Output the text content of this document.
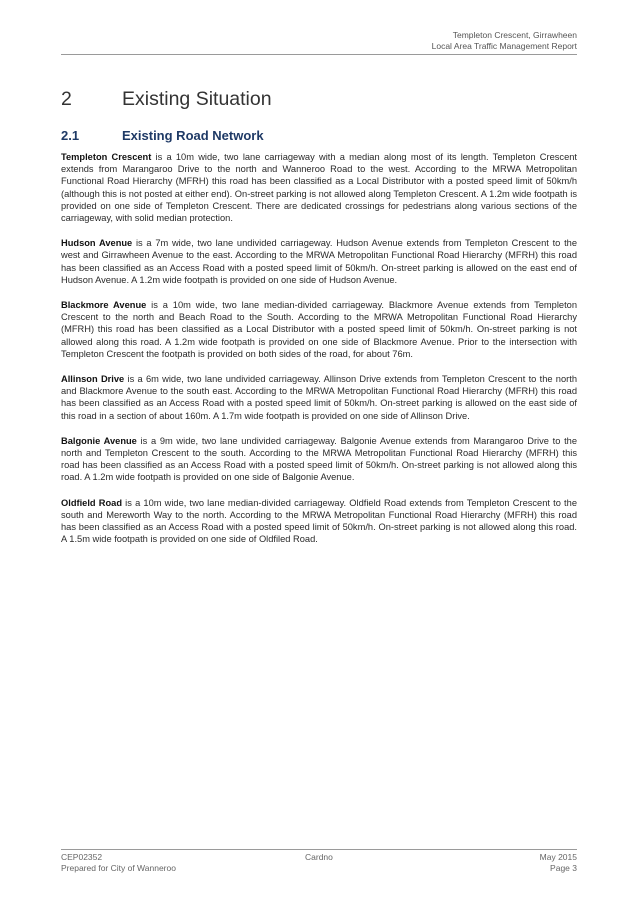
Templeton Crescent, Girrawheen
Local Area Traffic Management Report
2	Existing Situation
2.1	Existing Road Network

Templeton Crescent is a 10m wide, two lane carriageway with a median along most of its length. Templeton Crescent extends from Marangaroo Drive to the north and Wanneroo Road to the west. According to the MRWA Metropolitan Functional Road Hierarchy (MFRH) this road has been classified as a Local Distributor with a posted speed limit of 50km/h (although this is not posted at either end). On-street parking is not allowed along Templeton Crescent. A 1.2m wide footpath is provided on one side of Templeton Crescent. There are dedicated crossings for pedestrians along various sections of the carriageway, with solid median protection.

Hudson Avenue is a 7m wide, two lane undivided carriageway. Hudson Avenue extends from Templeton Crescent to the west and Girrawheen Avenue to the east. According to the MRWA Metropolitan Functional Road Hierarchy (MFRH) this road has been classified as an Access Road with a posted speed limit of 50km/h. On-street parking is allowed on the east end of Hudson Avenue. A 1.2m wide footpath is provided on one side of Hudson Avenue.

Blackmore Avenue is a 10m wide, two lane median-divided carriageway. Blackmore Avenue extends from Templeton Crescent to the north and Beach Road to the South. According to the MRWA Metropolitan Functional Road Hierarchy (MFRH) this road has been classified as a Local Distributor with a posted speed limit of 50km/h. On-street parking is not allowed along this road. A 1.2m wide footpath is provided on one side of Blackmore Avenue. Prior to the intersection with Templeton Crescent the footpath is provided on both sides of the road, for about 76m.

Allinson Drive is a 6m wide, two lane undivided carriageway. Allinson Drive extends from Templeton Crescent to the north and Blackmore Avenue to the south east. According to the MRWA Metropolitan Functional Road Hierarchy (MFRH) this road has been classified as an Access Road with a posted speed limit of 50km/h. On-street parking is allowed on the east side of this road in a section of about 160m. A 1.7m wide footpath is provided on one side of Allinson Drive.

Balgonie Avenue is a 9m wide, two lane undivided carriageway. Balgonie Avenue extends from Marangaroo Drive to the north and Templeton Crescent to the south. According to the MRWA Metropolitan Functional Road Hierarchy (MFRH) this road has been classified as an Access Road with a posted speed limit of 50km/h. On-street parking is not allowed along this road. A 1.2m wide footpath is provided on one side of Balgonie Avenue.

Oldfield Road is a 10m wide, two lane median-divided carriageway. Oldfield Road extends from Templeton Crescent to the south and Mereworth Way to the north. According to the MRWA Metropolitan Functional Road Hierarchy (MFRH) this road has been classified as an Access Road with a posted speed limit of 50km/h. On-street parking is not allowed along this road. A 1.5m wide footpath is provided on one side of Oldfiled Road.

CEP02352
Prepared for City of Wanneroo
Cardno	May 2015
Page 3
